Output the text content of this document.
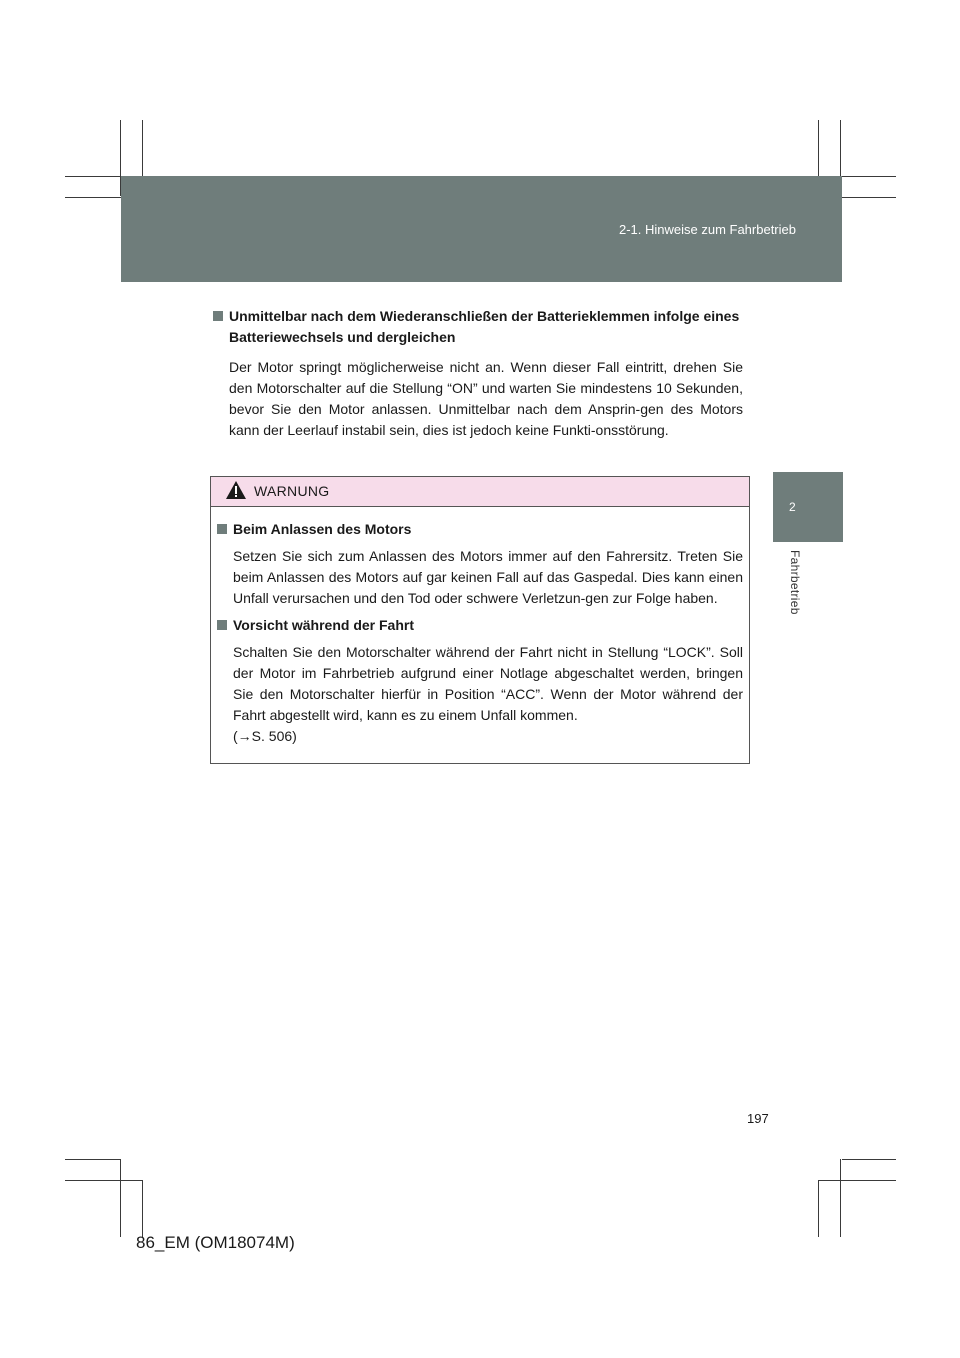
2-1. Hinweise zum Fahrbetrieb
2
Fahrbetrieb
Unmittelbar nach dem Wiederanschließen der Batterieklemmen infolge eines Batteriewechsels und dergleichen
Der Motor springt möglicherweise nicht an. Wenn dieser Fall eintritt, drehen Sie den Motorschalter auf die Stellung “ON” und warten Sie mindestens 10 Sekunden, bevor Sie den Motor anlassen. Unmittelbar nach dem Ansprin-gen des Motors kann der Leerlauf instabil sein, dies ist jedoch keine Funkti-onsstörung.
WARNUNG
Beim Anlassen des Motors
Setzen Sie sich zum Anlassen des Motors immer auf den Fahrersitz. Treten Sie beim Anlassen des Motors auf gar keinen Fall auf das Gaspedal. Dies kann einen Unfall verursachen und den Tod oder schwere Verletzun-gen zur Folge haben.
Vorsicht während der Fahrt
Schalten Sie den Motorschalter während der Fahrt nicht in Stellung “LOCK”. Soll der Motor im Fahrbetrieb aufgrund einer Notlage abgeschaltet werden, bringen Sie den Motorschalter hierfür in Position “ACC”. Wenn der Motor während der Fahrt abgestellt wird, kann es zu einem Unfall kommen.
(→S. 506)
197
86_EM (OM18074M)
